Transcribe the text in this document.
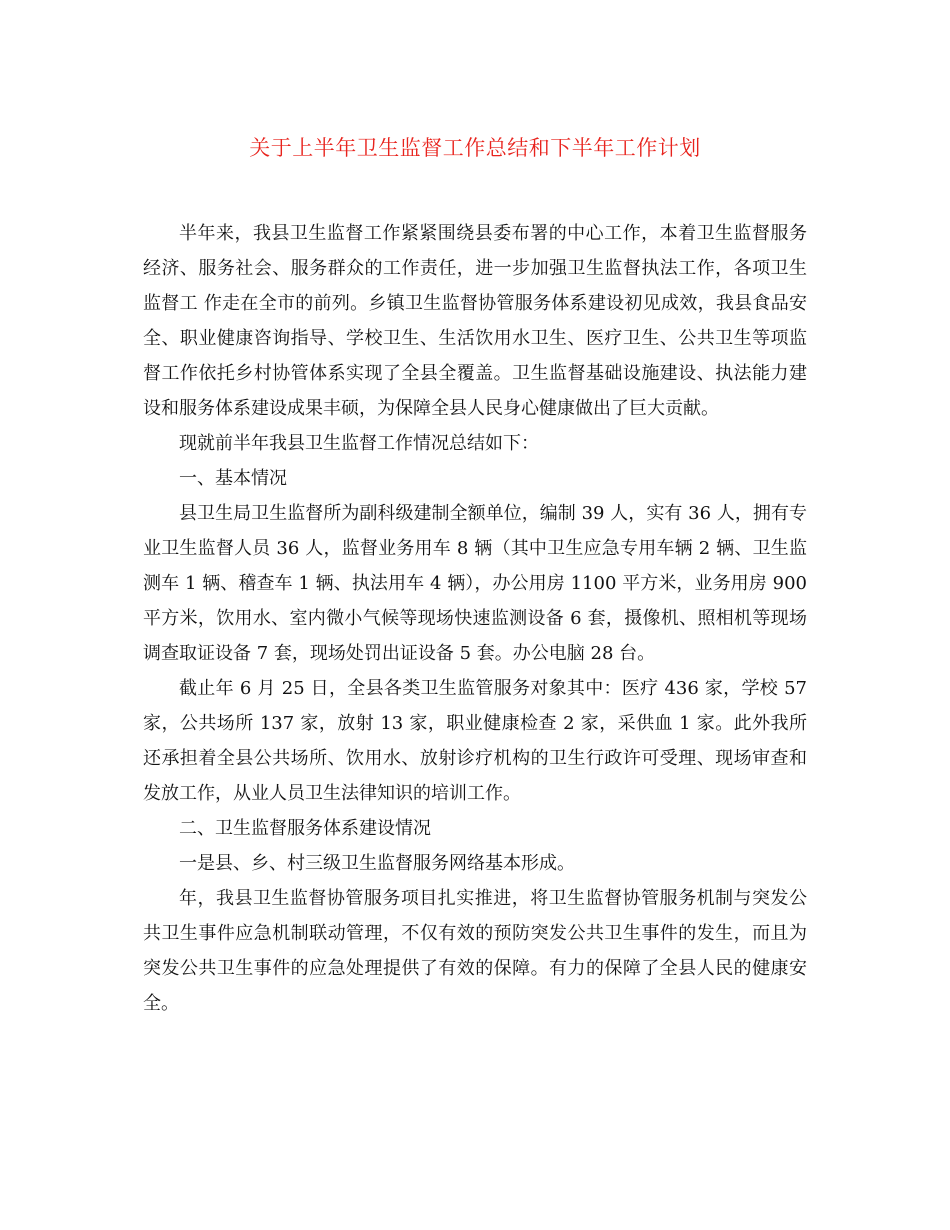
关于上半年卫生监督工作总结和下半年工作计划

半年来，我县卫生监督工作紧紧围绕县委布署的中心工作，本着卫生监督服务经济、服务社会、服务群众的工作责任，进一步加强卫生监督执法工作，各项卫生监督工 作走在全市的前列。乡镇卫生监督协管服务体系建设初见成效，我县食品安全、职业健康咨询指导、学校卫生、生活饮用水卫生、医疗卫生、公共卫生等项监督工作依托乡村协管体系实现了全县全覆盖。卫生监督基础设施建设、执法能力建设和服务体系建设成果丰硕，为保障全县人民身心健康做出了巨大贡献。

现就前半年我县卫生监督工作情况总结如下：

一、基本情况

县卫生局卫生监督所为副科级建制全额单位，编制 39 人，实有 36 人，拥有专业卫生监督人员 36 人，监督业务用车 8 辆（其中卫生应急专用车辆 2 辆、卫生监测车 1 辆、稽查车 1 辆、执法用车 4 辆），办公用房 1100 平方米，业务用房 900 平方米，饮用水、室内微小气候等现场快速监测设备 6 套，摄像机、照相机等现场调查取证设备 7 套，现场处罚出证设备 5 套。办公电脑 28 台。

截止年 6 月 25 日，全县各类卫生监管服务对象其中：医疗 436 家，学校 57 家，公共场所 137 家，放射 13 家，职业健康检查 2 家，采供血 1 家。此外我所还承担着全县公共场所、饮用水、放射诊疗机构的卫生行政许可受理、现场审查和发放工作，从业人员卫生法律知识的培训工作。

二、卫生监督服务体系建设情况

一是县、乡、村三级卫生监督服务网络基本形成。

年，我县卫生监督协管服务项目扎实推进，将卫生监督协管服务机制与突发公共卫生事件应急机制联动管理，不仅有效的预防突发公共卫生事件的发生，而且为突发公共卫生事件的应急处理提供了有效的保障。有力的保障了全县人民的健康安全。
